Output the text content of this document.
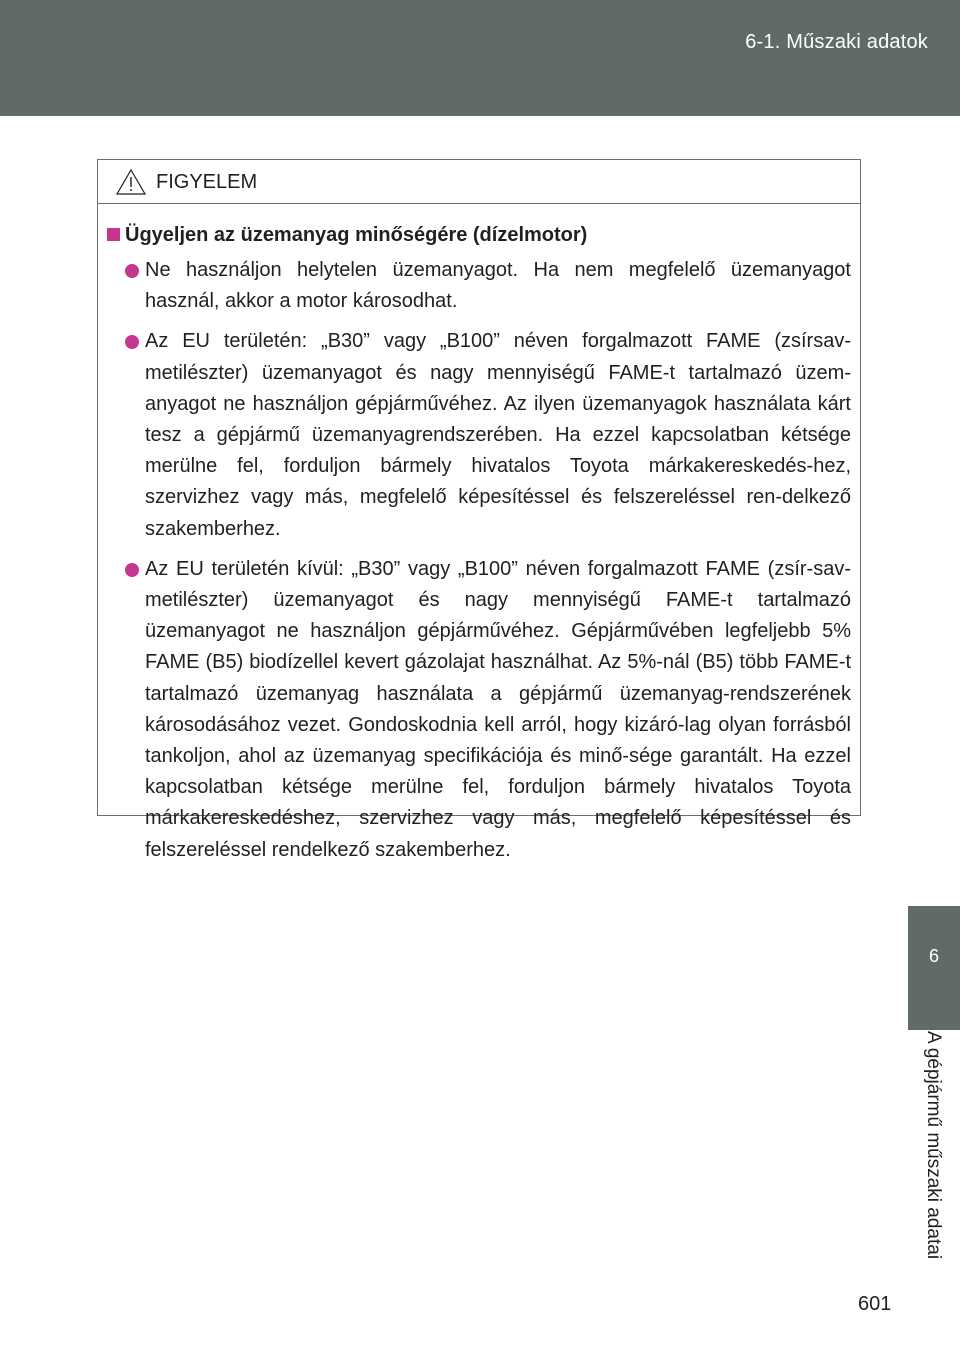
6-1. Műszaki adatok
FIGYELEM
Ügyeljen az üzemanyag minőségére (dízelmotor)
Ne használjon helytelen üzemanyagot. Ha nem megfelelő üzemanyagot használ, akkor a motor károsodhat.
Az EU területén: „B30” vagy „B100” néven forgalmazott FAME (zsírsav-metilészter) üzemanyagot és nagy mennyiségű FAME-t tartalmazó üzem-anyagot ne használjon gépjárművéhez. Az ilyen üzemanyagok használata kárt tesz a gépjármű üzemanyagrendszerében. Ha ezzel kapcsolatban kétsége merülne fel, forduljon bármely hivatalos Toyota márkakereskedés-hez, szervizhez vagy más, megfelelő képesítéssel és felszereléssel ren-delkező szakemberhez.
Az EU területén kívül: „B30” vagy „B100” néven forgalmazott FAME (zsír-sav-metilészter) üzemanyagot és nagy mennyiségű FAME-t tartalmazó üzemanyagot ne használjon gépjárművéhez. Gépjárművében legfeljebb 5% FAME (B5) biodízellel kevert gázolajat használhat. Az 5%-nál (B5) több FAME-t tartalmazó üzemanyag használata a gépjármű üzemanyag-rendszerének károsodásához vezet. Gondoskodnia kell arról, hogy kizáró-lag olyan forrásból tankoljon, ahol az üzemanyag specifikációja és minő-sége garantált. Ha ezzel kapcsolatban kétsége merülne fel, forduljon bármely hivatalos Toyota márkakereskedéshez, szervizhez vagy más, megfelelő képesítéssel és felszereléssel rendelkező szakemberhez.
6
A gépjármű műszaki adatai
601
